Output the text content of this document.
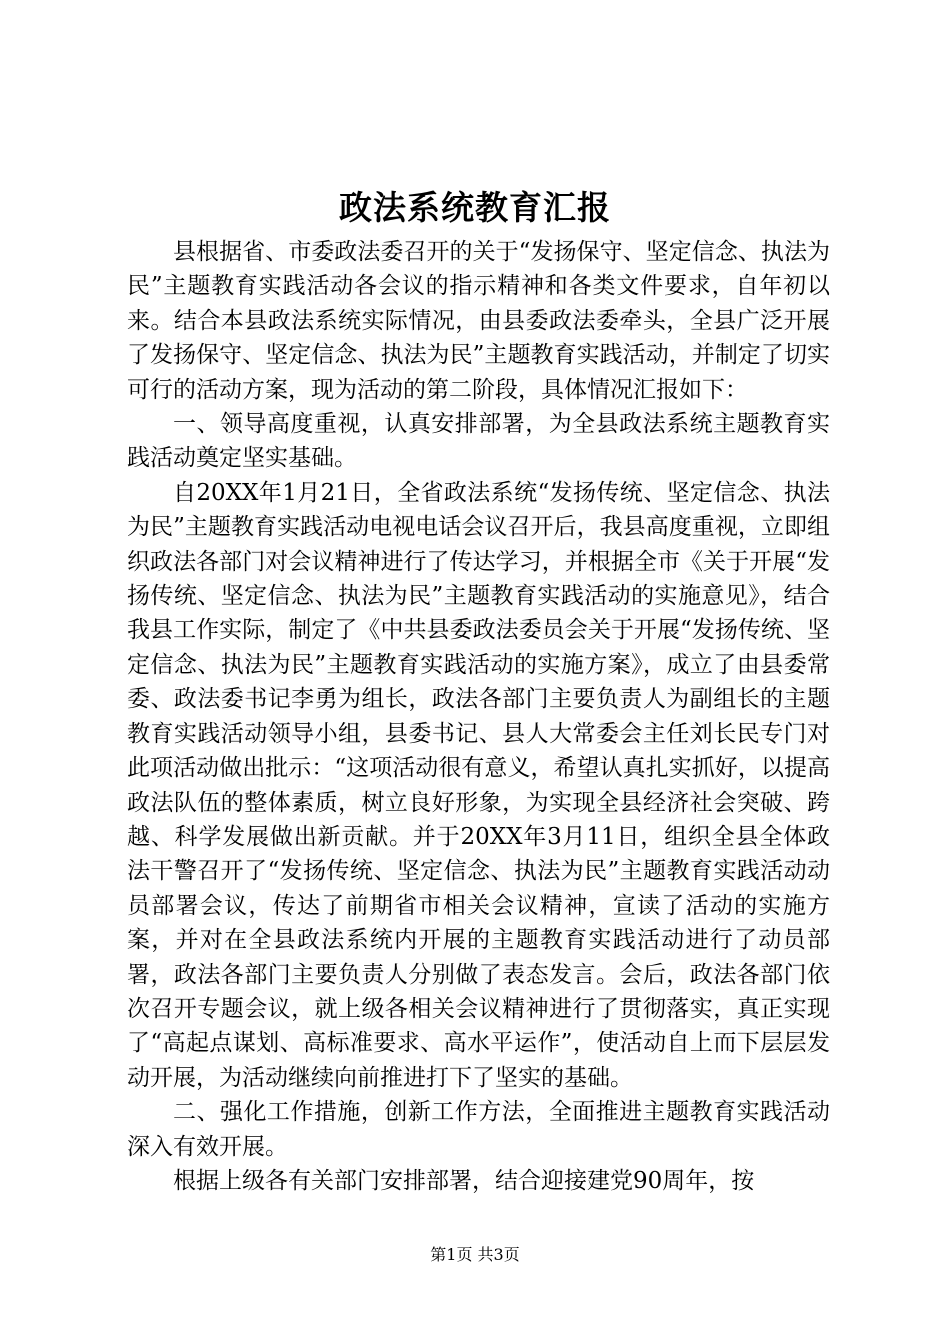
政法系统教育汇报

县根据省、市委政法委召开的关于“发扬保守、坚定信念、执法为民”主题教育实践活动各会议的指示精神和各类文件要求，自年初以来。结合本县政法系统实际情况，由县委政法委牵头，全县广泛开展了发扬保守、坚定信念、执法为民”主题教育实践活动，并制定了切实可行的活动方案，现为活动的第二阶段，具体情况汇报如下：

一、领导高度重视，认真安排部署，为全县政法系统主题教育实践活动奠定坚实基础。

自20XX年1月21日，全省政法系统“发扬传统、坚定信念、执法为民”主题教育实践活动电视电话会议召开后，我县高度重视，立即组织政法各部门对会议精神进行了传达学习，并根据全市《关于开展“发扬传统、坚定信念、执法为民”主题教育实践活动的实施意见》，结合我县工作实际，制定了《中共县委政法委员会关于开展“发扬传统、坚定信念、执法为民”主题教育实践活动的实施方案》，成立了由县委常委、政法委书记李勇为组长，政法各部门主要负责人为副组长的主题教育实践活动领导小组，县委书记、县人大常委会主任刘长民专门对此项活动做出批示：“这项活动很有意义，希望认真扎实抓好，以提高政法队伍的整体素质，树立良好形象，为实现全县经济社会突破、跨越、科学发展做出新贡献。并于20XX年3月11日，组织全县全体政法干警召开了“发扬传统、坚定信念、执法为民”主题教育实践活动动员部署会议，传达了前期省市相关会议精神，宣读了活动的实施方案，并对在全县政法系统内开展的主题教育实践活动进行了动员部署，政法各部门主要负责人分别做了表态发言。会后，政法各部门依次召开专题会议，就上级各相关会议精神进行了贯彻落实，真正实现了“高起点谋划、高标准要求、高水平运作”，使活动自上而下层层发动开展，为活动继续向前推进打下了坚实的基础。

二、强化工作措施，创新工作方法，全面推进主题教育实践活动深入有效开展。

根据上级各有关部门安排部署，结合迎接建党90周年，按

第1页 共3页
